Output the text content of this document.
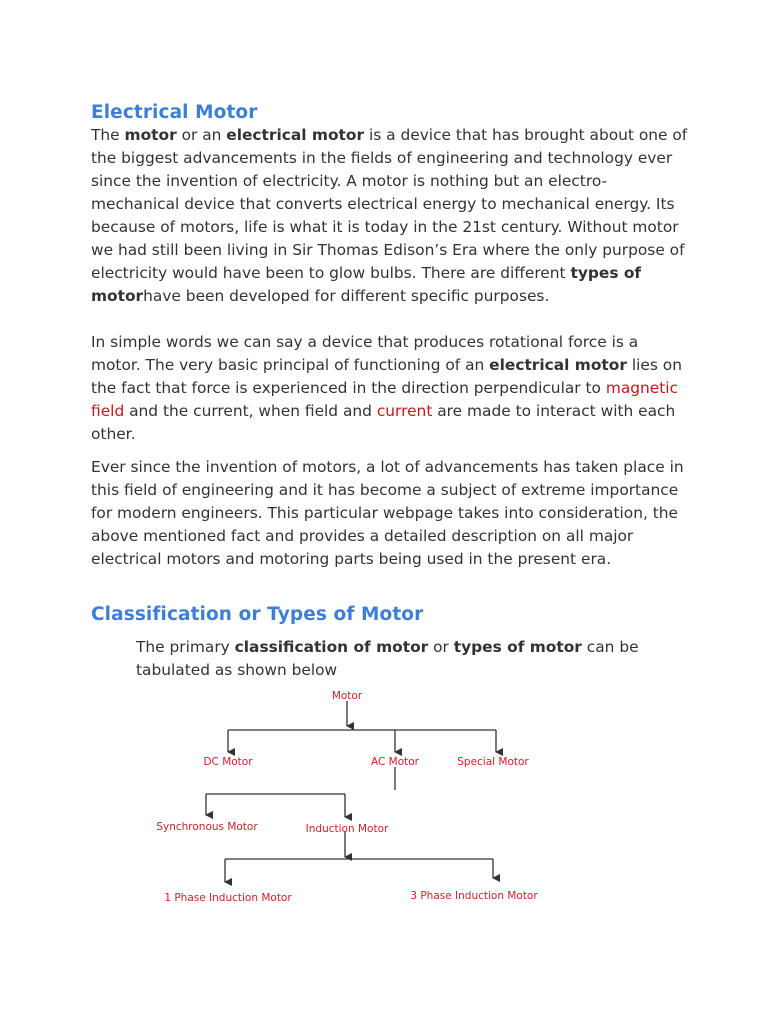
Electrical Motor

The motor or an electrical motor is a device that has brought about one of the biggest advancements in the fields of engineering and technology ever since the invention of electricity. A motor is nothing but an electro-mechanical device that converts electrical energy to mechanical energy. Its because of motors, life is what it is today in the 21st century. Without motor we had still been living in Sir Thomas Edison’s Era where the only purpose of electricity would have been to glow bulbs. There are different types of motorhave been developed for different specific purposes.

In simple words we can say a device that produces rotational force is a motor. The very basic principal of functioning of an electrical motor lies on the fact that force is experienced in the direction perpendicular to magnetic field and the current, when field and current are made to interact with each other.

Ever since the invention of motors, a lot of advancements has taken place in this field of engineering and it has become a subject of extreme importance for modern engineers. This particular webpage takes into consideration, the above mentioned fact and provides a detailed description on all major electrical motors and motoring parts being used in the present era.

Classification or Types of Motor

The primary classification of motor or types of motor can be tabulated as shown below

Motor
DC Motor	AC Motor	Special Motor
Synchronous Motor	Induction Motor
1 Phase Induction Motor	3 Phase Induction Motor
